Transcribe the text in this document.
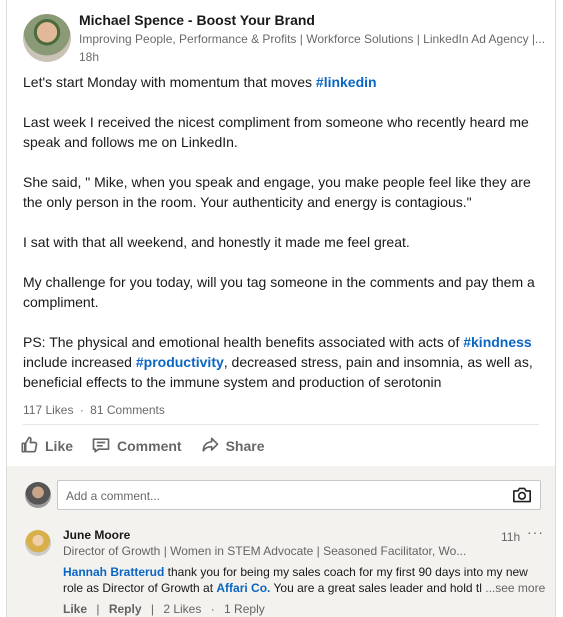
Michael Spence - Boost Your Brand
Improving People, Performance & Profits | Workforce Solutions | LinkedIn Ad Agency |...
18h

Let's start Monday with momentum that moves #linkedin

Last week I received the nicest compliment from someone who recently heard me speak and follows me on LinkedIn.

She said, " Mike, when you speak and engage, you make people feel like they are the only person in the room. Your authenticity and energy is contagious."

I sat with that all weekend, and honestly it made me feel great.

My challenge for you today, will you tag someone in the comments and pay them a compliment.

PS: The physical and emotional health benefits associated with acts of #kindness include increased #productivity, decreased stress, pain and insomnia, as well as, beneficial effects to the immune system and production of serotonin

117 Likes · 81 Comments
Like	Comment	Share
Add a comment...
June Moore	11h ···
Director of Growth | Women in STEM Advocate | Seasoned Facilitator, Wo...
Hannah Bratterud thank you for being my sales coach for my first 90 days into my new role as Director of Growth at Affari Co. You are a great sales leader and hold tl ...see more
Like | Reply | 2 Likes · 1 Reply
